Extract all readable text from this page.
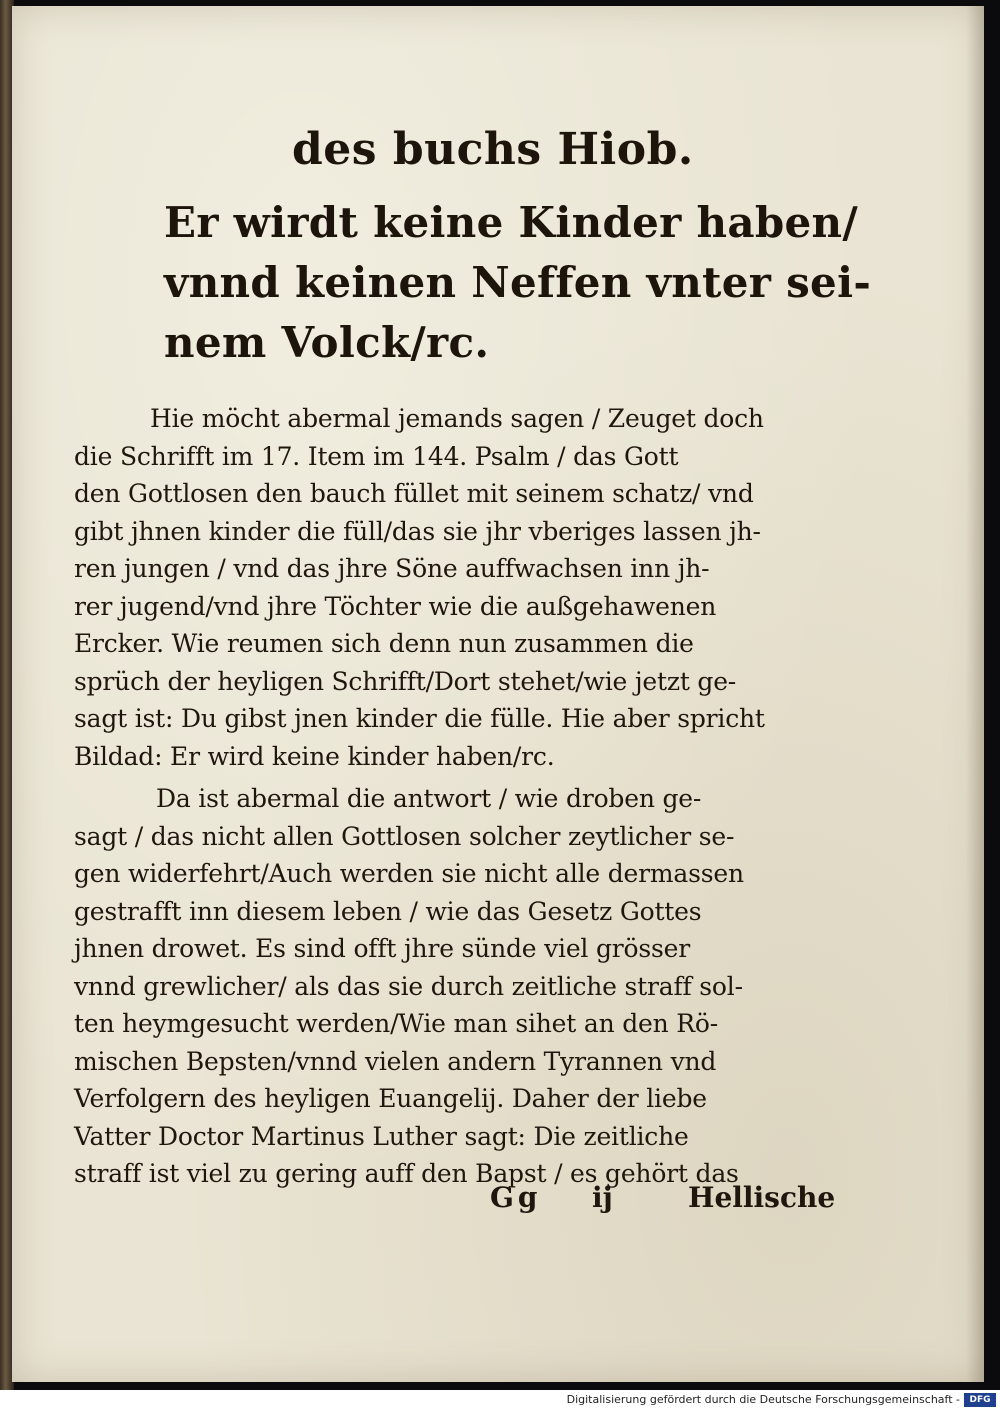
des buchs Hiob.
Er wirdt keine Kinder haben/
vnnd keinen Neffen vnter sei-
nem Volck/rc.
Hie möcht abermal jemands sagen / Zeuget doch
die Schrifft im 17. Item im 144. Psalm / das Gott
den Gottlosen den bauch füllet mit seinem schatz/ vnd
gibt jhnen kinder die füll/das sie jhr vberiges lassen jh-
ren jungen / vnd das jhre Söne auffwachsen inn jh-
rer jugend/vnd jhre Töchter wie die außgehawenen
Ercker. Wie reumen sich denn nun zusammen die
sprüch der heyligen Schrifft/Dort stehet/wie jetzt ge-
sagt ist: Du gibst jnen kinder die fülle. Hie aber spricht
Bildad: Er wird keine kinder haben/rc.
Da ist abermal die antwort / wie droben ge-
sagt / das nicht allen Gottlosen solcher zeytlicher se-
gen widerfehrt/Auch werden sie nicht alle dermassen
gestrafft inn diesem leben / wie das Gesetz Gottes
jhnen drowet. Es sind offt jhre sünde viel grösser
vnnd grewlicher/ als das sie durch zeitliche straff sol-
ten heymgesucht werden/Wie man sihet an den Rö-
mischen Bepsten/vnnd vielen andern Tyrannen vnd
Verfolgern des heyligen Euangelij. Daher der liebe
Vatter Doctor Martinus Luther sagt: Die zeitliche
straff ist viel zu gering auff den Bapst / es gehört das
Gg ij	Hellische
Digitalisierung gefördert durch die Deutsche Forschungsgemeinschaft -	DFG
